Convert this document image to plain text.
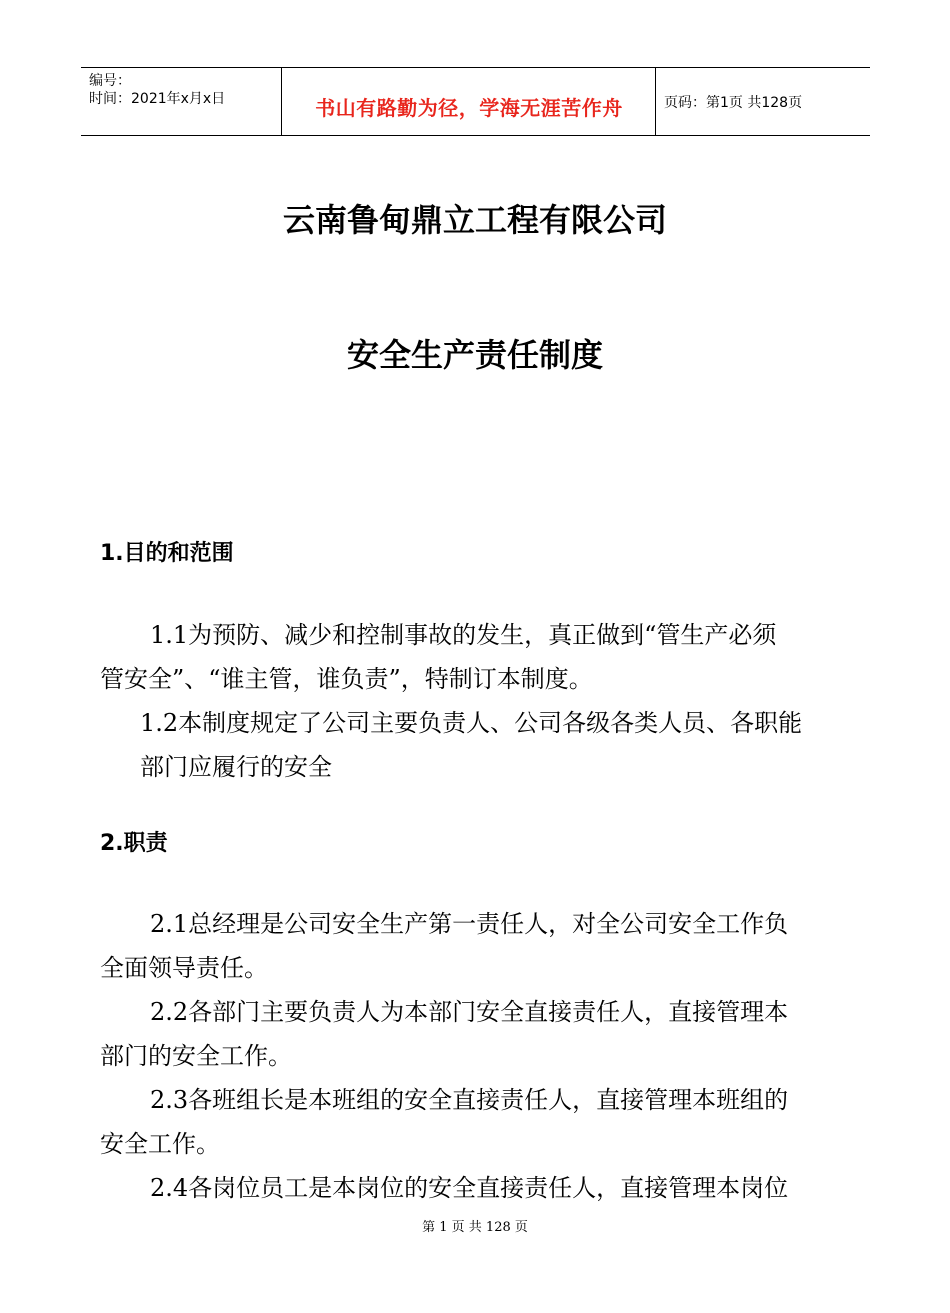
编号：
时间：2021年x月x日	书山有路勤为径，学海无涯苦作舟	页码：第1页 共128页
云南鲁甸鼎立工程有限公司
安全生产责任制度
1.目的和范围
1.1为预防、减少和控制事故的发生，真正做到“管生产必须
管安全”、“谁主管，谁负责”，特制订本制度。
1.2本制度规定了公司主要负责人、公司各级各类人员、各职能
部门应履行的安全
2.职责
2.1总经理是公司安全生产第一责任人，对全公司安全工作负
全面领导责任。
2.2各部门主要负责人为本部门安全直接责任人，直接管理本
部门的安全工作。
2.3各班组长是本班组的安全直接责任人，直接管理本班组的
安全工作。
2.4各岗位员工是本岗位的安全直接责任人，直接管理本岗位
第 1 页 共 128 页
